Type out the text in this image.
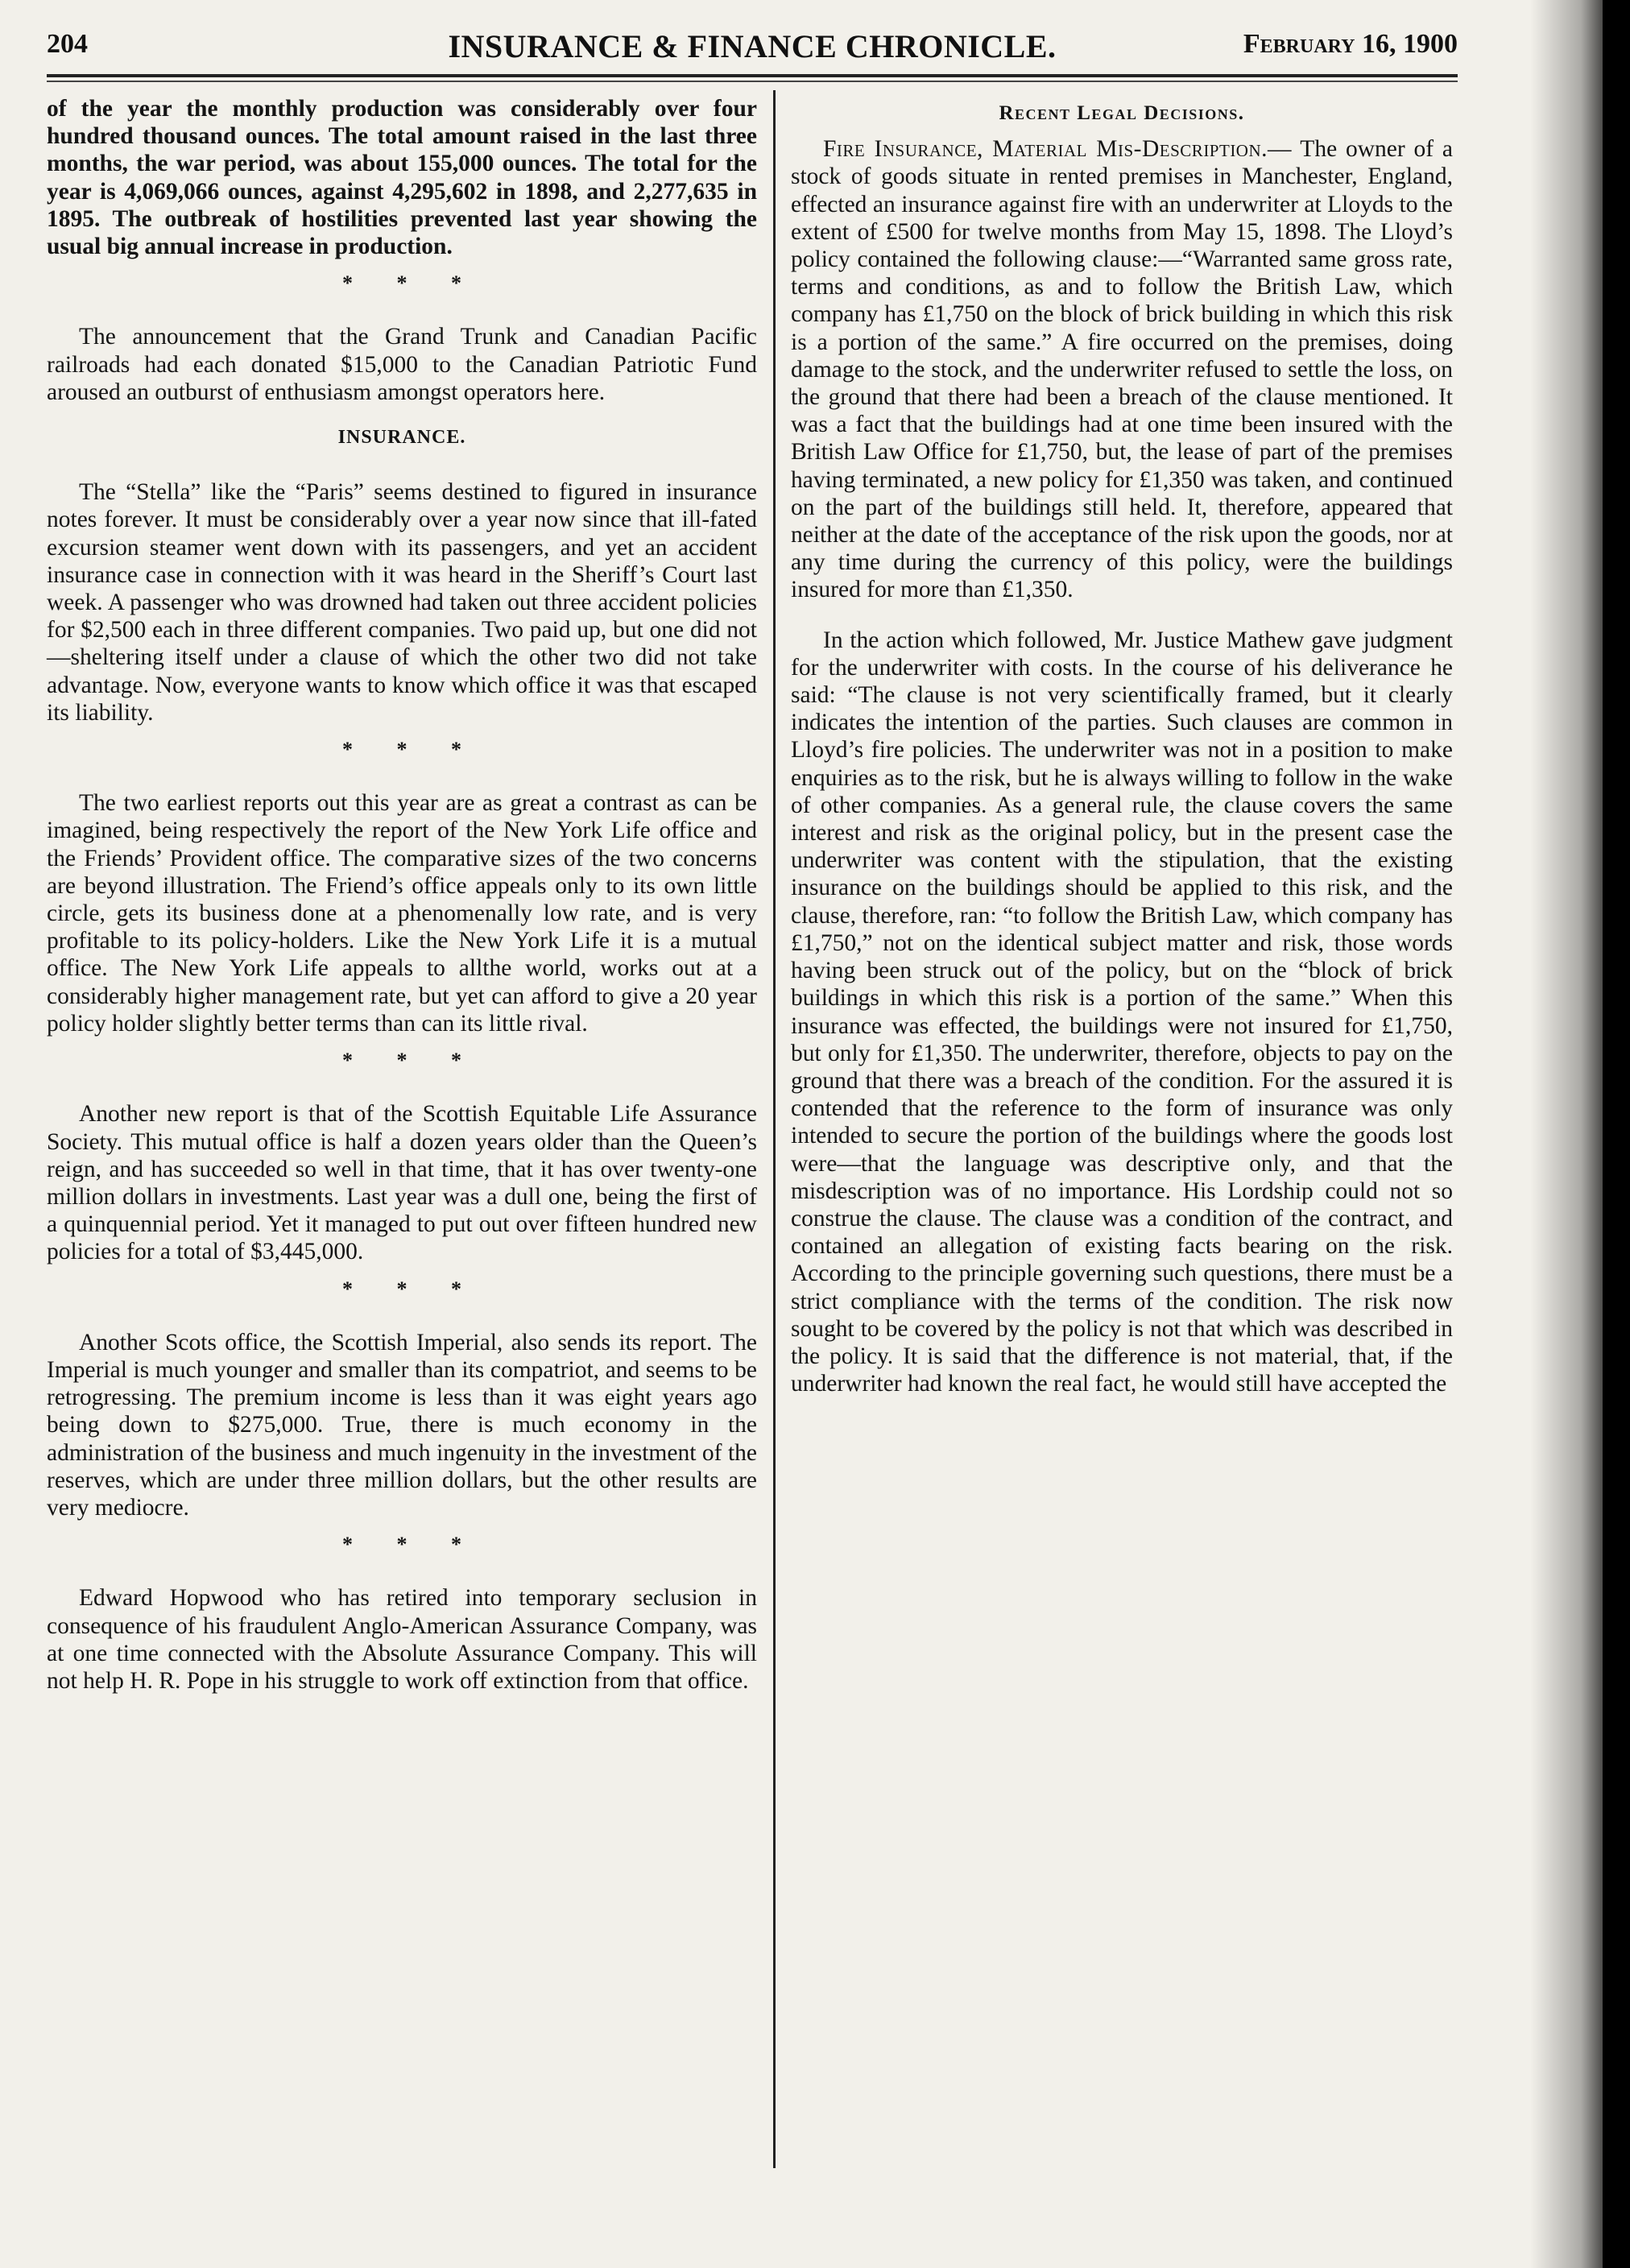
204	INSURANCE & FINANCE CHRONICLE.	February 16, 1900

of the year the monthly production was considerably over four hundred thousand ounces. The total amount raised in the last three months, the war period, was about 155,000 ounces. The total for the year is 4,069,066 ounces, against 4,295,602 in 1898, and 2,277,635 in 1895. The outbreak of hostilities prevented last year showing the usual big annual increase in production.

* * *

The announcement that the Grand Trunk and Canadian Pacific railroads had each donated $15,000 to the Canadian Patriotic Fund aroused an outburst of enthusiasm amongst operators here.

INSURANCE.

The “Stella” like the “Paris” seems destined to figured in insurance notes forever. It must be considerably over a year now since that ill-fated excursion steamer went down with its passengers, and yet an accident insurance case in connection with it was heard in the Sheriff’s Court last week. A passenger who was drowned had taken out three accident policies for $2,500 each in three different companies. Two paid up, but one did not—sheltering itself under a clause of which the other two did not take advantage. Now, everyone wants to know which office it was that escaped its liability.

* * *

The two earliest reports out this year are as great a contrast as can be imagined, being respectively the report of the New York Life office and the Friends’ Provident office. The comparative sizes of the two concerns are beyond illustration. The Friend’s office appeals only to its own little circle, gets its business done at a phenomenally low rate, and is very profitable to its policy-holders. Like the New York Life it is a mutual office. The New York Life appeals to allthe world, works out at a considerably higher management rate, but yet can afford to give a 20 year policy holder slightly better terms than can its little rival.

* * *

Another new report is that of the Scottish Equitable Life Assurance Society. This mutual office is half a dozen years older than the Queen’s reign, and has succeeded so well in that time, that it has over twenty-one million dollars in investments. Last year was a dull one, being the first of a quinquennial period. Yet it managed to put out over fifteen hundred new policies for a total of $3,445,000.

* * *

Another Scots office, the Scottish Imperial, also sends its report. The Imperial is much younger and smaller than its compatriot, and seems to be retrogressing. The premium income is less than it was eight years ago being down to $275,000. True, there is much economy in the administration of the business and much ingenuity in the investment of the reserves, which are under three million dollars, but the other results are very mediocre.

* * *

Edward Hopwood who has retired into temporary seclusion in consequence of his fraudulent Anglo-American Assurance Company, was at one time connected with the Absolute Assurance Company. This will not help H. R. Pope in his struggle to work off extinction from that office.

Recent Legal Decisions.

Fire Insurance, Material Mis-Description.— The owner of a stock of goods situate in rented premises in Manchester, England, effected an insurance against fire with an underwriter at Lloyds to the extent of £500 for twelve months from May 15, 1898. The Lloyd’s policy contained the following clause:—“Warranted same gross rate, terms and conditions, as and to follow the British Law, which company has £1,750 on the block of brick building in which this risk is a portion of the same.” A fire occurred on the premises, doing damage to the stock, and the underwriter refused to settle the loss, on the ground that there had been a breach of the clause mentioned. It was a fact that the buildings had at one time been insured with the British Law Office for £1,750, but, the lease of part of the premises having terminated, a new policy for £1,350 was taken, and continued on the part of the buildings still held. It, therefore, appeared that neither at the date of the acceptance of the risk upon the goods, nor at any time during the currency of this policy, were the buildings insured for more than £1,350.

In the action which followed, Mr. Justice Mathew gave judgment for the underwriter with costs. In the course of his deliverance he said: “The clause is not very scientifically framed, but it clearly indicates the intention of the parties. Such clauses are common in Lloyd’s fire policies. The underwriter was not in a position to make enquiries as to the risk, but he is always willing to follow in the wake of other companies. As a general rule, the clause covers the same interest and risk as the original policy, but in the present case the underwriter was content with the stipulation, that the existing insurance on the buildings should be applied to this risk, and the clause, therefore, ran: “to follow the British Law, which company has £1,750,” not on the identical subject matter and risk, those words having been struck out of the policy, but on the “block of brick buildings in which this risk is a portion of the same.” When this insurance was effected, the buildings were not insured for £1,750, but only for £1,350. The underwriter, therefore, objects to pay on the ground that there was a breach of the condition. For the assured it is contended that the reference to the form of insurance was only intended to secure the portion of the buildings where the goods lost were—that the language was descriptive only, and that the misdescription was of no importance. His Lordship could not so construe the clause. The clause was a condition of the contract, and contained an allegation of existing facts bearing on the risk. According to the principle governing such questions, there must be a strict compliance with the terms of the condition. The risk now sought to be covered by the policy is not that which was described in the policy. It is said that the difference is not material, that, if the underwriter had known the real fact, he would still have accepted the
